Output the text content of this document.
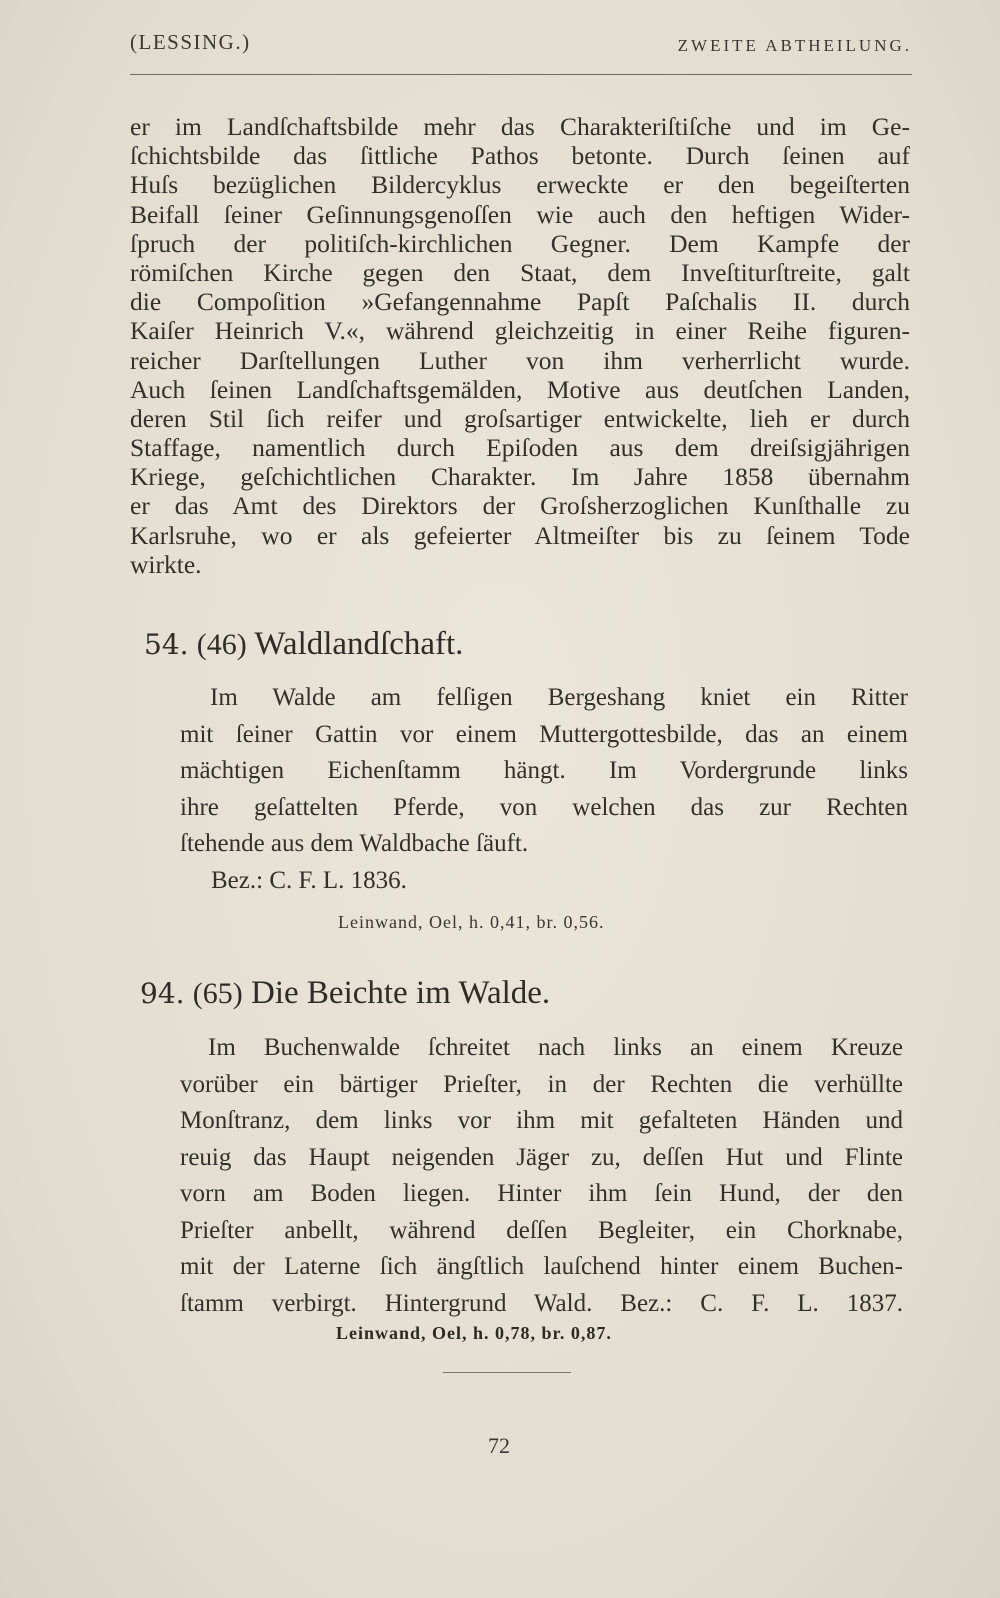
(LESSING.)	ZWEITE ABTHEILUNG.
er im Landſchaftsbilde mehr das Charakteriſtiſche und im Ge-
ſchichtsbilde das ſittliche Pathos betonte. Durch ſeinen auf
Huſs bezüglichen Bildercyklus erweckte er den begeiſterten
Beifall ſeiner Geſinnungsgenoſſen wie auch den heftigen Wider-
ſpruch der politiſch-kirchlichen Gegner. Dem Kampfe der
römiſchen Kirche gegen den Staat, dem Inveſtiturſtreite, galt
die Compoſition »Gefangennahme Papſt Paſchalis II. durch
Kaiſer Heinrich V.«, während gleichzeitig in einer Reihe figuren-
reicher Darſtellungen Luther von ihm verherrlicht wurde.
Auch ſeinen Landſchaftsgemälden, Motive aus deutſchen Landen,
deren Stil ſich reifer und groſsartiger entwickelte, lieh er durch
Staffage, namentlich durch Epiſoden aus dem dreiſsigjährigen
Kriege, geſchichtlichen Charakter. Im Jahre 1858 übernahm
er das Amt des Direktors der Groſsherzoglichen Kunſthalle zu
Karlsruhe, wo er als gefeierter Altmeiſter bis zu ſeinem Tode
wirkte.
54. (46) Waldlandſchaft.
Im Walde am felſigen Bergeshang kniet ein Ritter
mit ſeiner Gattin vor einem Muttergottesbilde, das an einem
mächtigen Eichenſtamm hängt. Im Vordergrunde links
ihre geſattelten Pferde, von welchen das zur Rechten
ſtehende aus dem Waldbache ſäuft.
Bez.: C. F. L. 1836.
Leinwand, Oel, h. 0,41, br. 0,56.
94. (65) Die Beichte im Walde.
Im Buchenwalde ſchreitet nach links an einem Kreuze
vorüber ein bärtiger Prieſter, in der Rechten die verhüllte
Monſtranz, dem links vor ihm mit gefalteten Händen und
reuig das Haupt neigenden Jäger zu, deſſen Hut und Flinte
vorn am Boden liegen. Hinter ihm ſein Hund, der den
Prieſter anbellt, während deſſen Begleiter, ein Chorknabe,
mit der Laterne ſich ängſtlich lauſchend hinter einem Buchen-
ſtamm verbirgt. Hintergrund Wald. Bez.: C. F. L. 1837.
Leinwand, Oel, h. 0,78, br. 0,87.
72
